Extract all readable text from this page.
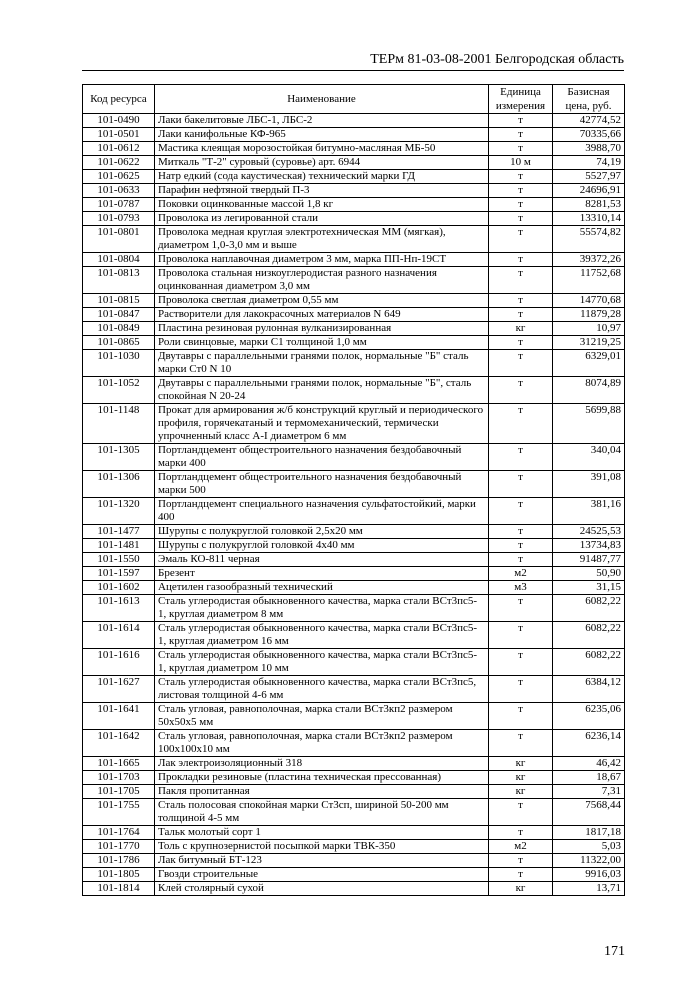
ТЕРм 81-03-08-2001 Белгородская область
Код ресурса	Наименование	Единица измерения	Базисная цена, руб.
101-0490	Лаки бакелитовые ЛБС-1, ЛБС-2	т	42774,52
101-0501	Лаки канифольные КФ-965	т	70335,66
101-0612	Мастика клеящая морозостойкая битумно-масляная МБ-50	т	3988,70
101-0622	Миткаль "Т-2" суровый (суровье) арт. 6944	10 м	74,19
101-0625	Натр едкий (сода каустическая) технический марки ГД	т	5527,97
101-0633	Парафин нефтяной твердый П-3	т	24696,91
101-0787	Поковки оцинкованные массой 1,8 кг	т	8281,53
101-0793	Проволока из легированной стали	т	13310,14
101-0801	Проволока медная круглая электротехническая ММ (мягкая), диаметром 1,0-3,0 мм и выше	т	55574,82
101-0804	Проволока наплавочная диаметром 3 мм, марка ПП-Нп-19СТ	т	39372,26
101-0813	Проволока стальная низкоуглеродистая разного назначения оцинкованная диаметром 3,0 мм	т	11752,68
101-0815	Проволока светлая диаметром 0,55 мм	т	14770,68
101-0847	Растворители для лакокрасочных материалов N 649	т	11879,28
101-0849	Пластина резиновая рулонная вулканизированная	кг	10,97
101-0865	Роли свинцовые, марки С1 толщиной 1,0 мм	т	31219,25
101-1030	Двутавры с параллельными гранями полок, нормальные "Б" сталь марки Ст0 N 10	т	6329,01
101-1052	Двутавры с параллельными гранями полок, нормальные "Б", сталь спокойная N 20-24	т	8074,89
101-1148	Прокат для армирования ж/б конструкций круглый и периодического профиля, горячекатаный и термомеханический, термически упрочненный класс А-I диаметром 6 мм	т	5699,88
101-1305	Портландцемент общестроительного назначения бездобавочный марки 400	т	340,04
101-1306	Портландцемент общестроительного назначения бездобавочный марки 500	т	391,08
101-1320	Портландцемент специального назначения сульфатостойкий, марки 400	т	381,16
101-1477	Шурупы с полукруглой головкой 2,5х20 мм	т	24525,53
101-1481	Шурупы с полукруглой головкой 4х40 мм	т	13734,83
101-1550	Эмаль КО-811 черная	т	91487,77
101-1597	Брезент	м2	50,90
101-1602	Ацетилен газообразный технический	м3	31,15
101-1613	Сталь углеродистая обыкновенного качества, марка стали ВСт3пс5-1, круглая диаметром 8 мм	т	6082,22
101-1614	Сталь углеродистая обыкновенного качества, марка стали ВСт3пс5-1, круглая диаметром 16 мм	т	6082,22
101-1616	Сталь углеродистая обыкновенного качества, марка стали ВСт3пс5-1, круглая диаметром 10 мм	т	6082,22
101-1627	Сталь углеродистая обыкновенного качества, марка стали ВСт3пс5, листовая толщиной 4-6 мм	т	6384,12
101-1641	Сталь угловая, равнополочная, марка стали ВСт3кп2 размером 50х50х5 мм	т	6235,06
101-1642	Сталь угловая, равнополочная, марка стали ВСт3кп2 размером 100х100х10 мм	т	6236,14
101-1665	Лак электроизоляционный 318	кг	46,42
101-1703	Прокладки резиновые (пластина техническая прессованная)	кг	18,67
101-1705	Пакля пропитанная	кг	7,31
101-1755	Сталь полосовая спокойная марки Ст3сп, шириной 50-200 мм толщиной 4-5 мм	т	7568,44
101-1764	Тальк молотый сорт 1	т	1817,18
101-1770	Толь с крупнозернистой посыпкой марки ТВК-350	м2	5,03
101-1786	Лак битумный БТ-123	т	11322,00
101-1805	Гвозди строительные	т	9916,03
101-1814	Клей столярный сухой	кг	13,71
171
